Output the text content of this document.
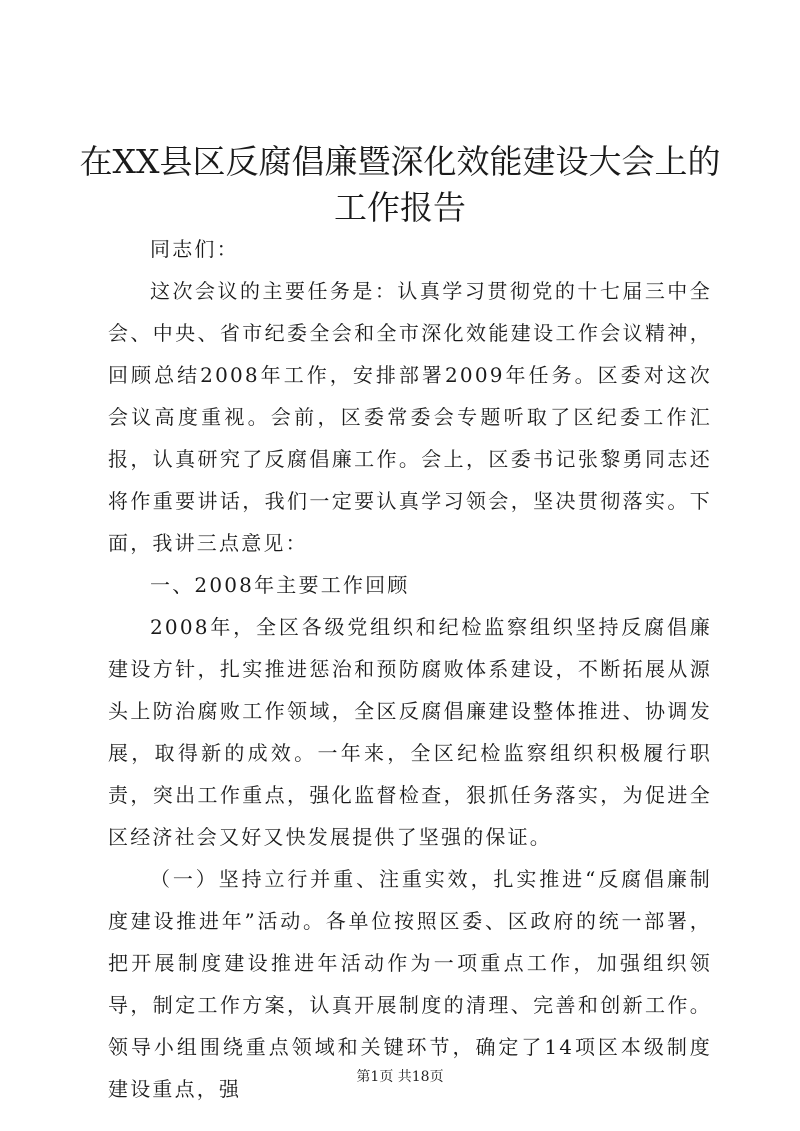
在XX县区反腐倡廉暨深化效能建设大会上的
工作报告

同志们：

这次会议的主要任务是：认真学习贯彻党的十七届三中全会、中央、省市纪委全会和全市深化效能建设工作会议精神，回顾总结2008年工作，安排部署2009年任务。区委对这次会议高度重视。会前，区委常委会专题听取了区纪委工作汇报，认真研究了反腐倡廉工作。会上，区委书记张黎勇同志还将作重要讲话，我们一定要认真学习领会，坚决贯彻落实。下面，我讲三点意见：

一、2008年主要工作回顾

2008年，全区各级党组织和纪检监察组织坚持反腐倡廉建设方针，扎实推进惩治和预防腐败体系建设，不断拓展从源头上防治腐败工作领域，全区反腐倡廉建设整体推进、协调发展，取得新的成效。一年来，全区纪检监察组织积极履行职责，突出工作重点，强化监督检查，狠抓任务落实，为促进全区经济社会又好又快发展提供了坚强的保证。

（一）坚持立行并重、注重实效，扎实推进“反腐倡廉制度建设推进年”活动。各单位按照区委、区政府的统一部署，把开展制度建设推进年活动作为一项重点工作，加强组织领导，制定工作方案，认真开展制度的清理、完善和创新工作。领导小组围绕重点领域和关键环节，确定了14项区本级制度建设重点，强	第1页 共18页
